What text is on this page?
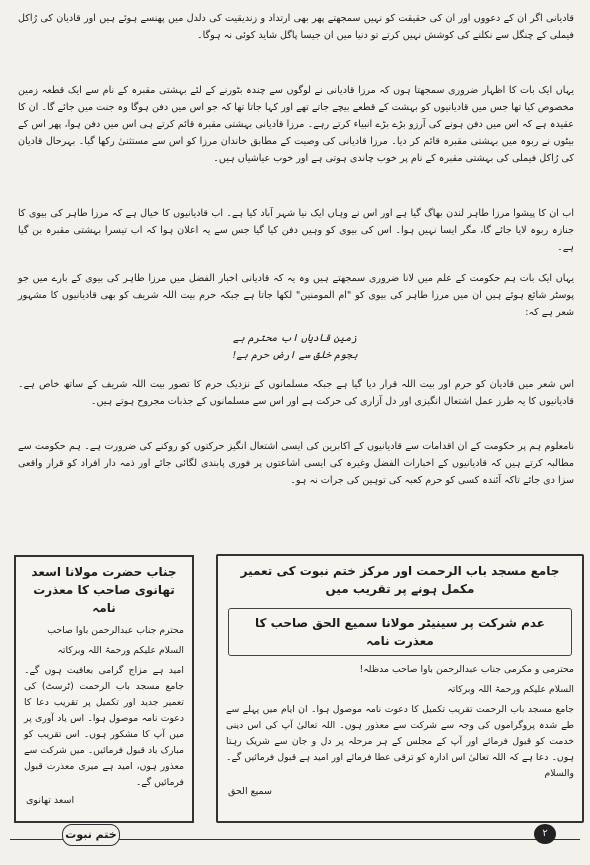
قادیانی اگر ان کے دعووں اور ان کی حقیقت کو نہیں سمجھتے پھر بھی ارتداد و زندیقیت کی دلدل میں پھنسے ہوئے ہیں اور قادیان کی رُاکل فیملی کے چنگل سے نکلنے کی کوشش نہیں کرتے تو دنیا میں ان جیسا پاگل شاید کوئی نہ ہوگا۔

یہاں ایک بات کا اظہار ضروری سمجھتا ہوں کہ مرزا قادیانی نے لوگوں سے چندہ بٹورنے کے لئے بہشتی مقبرہ کے نام سے ایک قطعہ زمین مخصوص کیا تھا جس میں قادیانیوں کو بہشت کے قطعے بیچے جاتے تھے اور کہا جاتا تھا کہ جو اس میں دفن ہوگا وہ جنت میں جائے گا۔ ان کا عقیدہ ہے کہ اس میں دفن ہونے کی آرزو بڑے بڑے انبیاء کرتے رہے۔ مرزا قادیانی بہشتی مقبرہ قائم کرتے ہی اس میں دفن ہوا، پھر اس کے بیٹوں نے ربوہ میں بہشتی مقبرہ قائم کر دیا۔ مرزا قادیانی کی وصیت کے مطابق خاندان مرزا کو اس سے مستثنیٰ رکھا گیا۔ بہرحال قادیان کی رُاکل فیملی کی بہشتی مقبرہ کے نام پر خوب چاندی ہوتی ہے اور خوب عیاشیاں ہیں۔

اب ان کا پیشوا مرزا طاہر لندن بھاگ گیا ہے اور اس نے وہاں ایک نیا شہر آباد کیا ہے۔ اب قادیانیوں کا خیال ہے کہ مرزا طاہر کی بیوی کا جنازہ ربوہ لایا جائے گا، مگر ایسا نہیں ہوا۔ اس کی بیوی کو وہیں دفن کیا گیا جس سے یہ اعلان ہوا کہ اب تیسرا بہشتی مقبرہ بن گیا ہے۔

یہاں ایک بات ہم حکومت کے علم میں لانا ضروری سمجھتے ہیں وہ یہ کہ قادیانی اخبار الفضل میں مرزا طاہر کی بیوی کے بارے میں جو پوسٹر شائع ہوئے ہیں ان میں مرزا طاہر کی بیوی کو "ام المومنین" لکھا جاتا ہے جبکہ حرم بیت اللہ شریف کو بھی قادیانیوں کا مشہور شعر ہے کہ:

زمین قادیاں اب محترم ہے
ہجوم خلق سے ارض حرم ہے!

اس شعر میں قادیان کو حرم اور بیت اللہ قرار دیا گیا ہے جبکہ مسلمانوں کے نزدیک حرم کا تصور بیت اللہ شریف کے ساتھ خاص ہے۔ قادیانیوں کا یہ طرز عمل اشتعال انگیزی اور دل آزاری کی حرکت ہے اور اس سے مسلمانوں کے جذبات مجروح ہوتے ہیں۔

نامعلوم ہم پر حکومت کے ان اقدامات سے قادیانیوں کے اکابرین کی ایسی اشتعال انگیز حرکتوں کو روکنے کی ضرورت ہے۔ ہم حکومت سے مطالبہ کرتے ہیں کہ قادیانیوں کے اخبارات الفضل وغیرہ کی ایسی اشاعتوں پر فوری پابندی لگائی جائے اور ذمہ دار افراد کو قرار واقعی سزا دی جائے تاکہ آئندہ کسی کو حرم کعبہ کی توہین کی جرات نہ ہو۔

جناب حضرت مولانا اسعد تھانوی صاحب کا معذرت نامہ
محترم جناب عبدالرحمن باوا صاحب
السلام علیکم ورحمۃ اللہ وبرکاتہ
امید ہے مزاج گرامی بعافیت ہوں گے۔ جامع مسجد باب الرحمت (ٹرسٹ) کی تعمیر جدید اور تکمیل پر تقریب دعا کا دعوت نامہ موصول ہوا۔ اس یاد آوری پر میں آپ کا مشکور ہوں۔ اس تقریب کو مبارک باد قبول فرمائیں۔ میں شرکت سے معذور ہوں، امید ہے میری معذرت قبول فرمائیں گے۔
اسعد تھانوی
جامع مسجد باب الرحمت اور مرکز ختم نبوت کی تعمیر مکمل ہونے پر تقریب میں
عدم شرکت پر سینیٹر مولانا سمیع الحق صاحب کا معذرت نامہ
محترمی و مکرمی جناب عبدالرحمن باوا صاحب مدظلہ!
السلام علیکم ورحمۃ اللہ وبرکاتہ
جامع مسجد باب الرحمت تقریب تکمیل کا دعوت نامہ موصول ہوا۔ ان ایام میں پہلے سے طے شدہ پروگراموں کی وجہ سے شرکت سے معذور ہوں۔ اللہ تعالیٰ آپ کی اس دینی خدمت کو قبول فرمائے اور آپ کے مجلس کے ہر مرحلہ پر دل و جان سے شریک رہتا ہوں۔ دعا ہے کہ اللہ تعالیٰ اس ادارہ کو ترقی عطا فرمائے اور امید ہے قبول فرمائیں گے۔ والسلام
سمیع الحق
ختم نبوت	۲
